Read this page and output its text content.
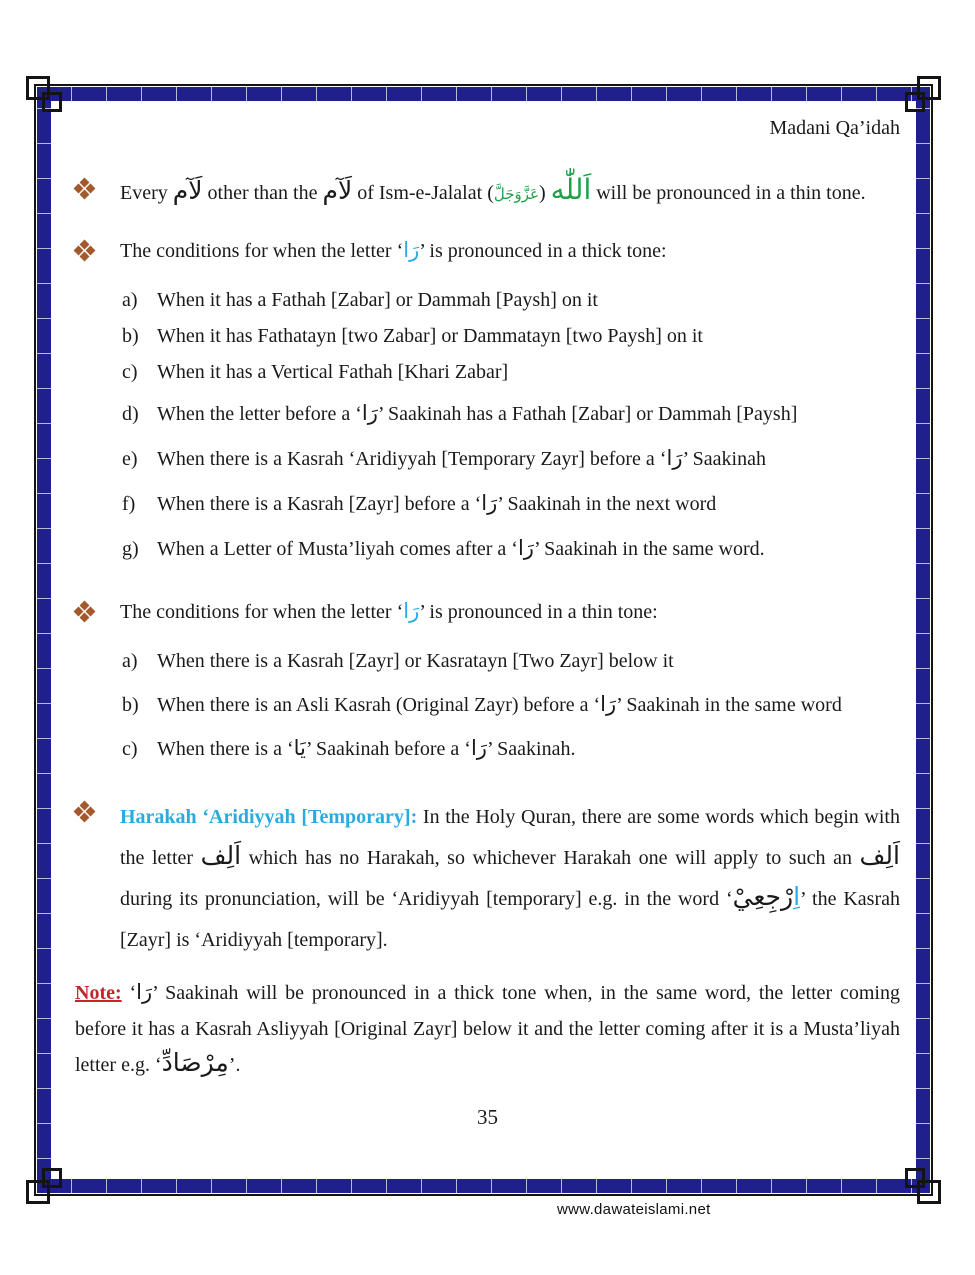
Madani Qa’idah
Every لَآم other than the لَآم of Ism-e-Jalalat اَللّٰه (عَزَّوَجَلَّ) will be pronounced in a thin tone.
The conditions for when the letter ‘رَا’ is pronounced in a thick tone:
a) When it has a Fathah [Zabar] or Dammah [Paysh] on it
b) When it has Fathatayn [two Zabar] or Dammatayn [two Paysh] on it
c) When it has a Vertical Fathah [Khari Zabar]
d) When the letter before a ‘رَا’ Saakinah has a Fathah [Zabar] or Dammah [Paysh]
e) When there is a Kasrah ‘Aridiyyah [Temporary Zayr] before a ‘رَا’ Saakinah
f)	When there is a Kasrah [Zayr] before a ‘رَا’ Saakinah in the next word
g) When a Letter of Musta’liyah comes after a ‘رَا’ Saakinah in the same word.
The conditions for when the letter ‘رَا’ is pronounced in a thin tone:
a) When there is a Kasrah [Zayr] or Kasratayn [Two Zayr] below it
b) When there is an Asli Kasrah (Original Zayr) before a ‘رَا’ Saakinah in the same word
c) When there is a ‘يَا’ Saakinah before a ‘رَا’ Saakinah.
Harakah ‘Aridiyyah [Temporary]: In the Holy Quran, there are some words which begin with the letter اَلِف which has no Harakah, so whichever Harakah one will apply to such an اَلِف during its pronunciation, will be ‘Aridiyyah [temporary] e.g. in the word ‘ اِرْجِعِيْ ’ the Kasrah [Zayr] is ‘Aridiyyah [temporary].
Note: ‘رَا’ Saakinah will be pronounced in a thick tone when, in the same word, the letter coming before it has a Kasrah Asliyyah [Original Zayr] below it and the letter coming after it is a Musta’liyah letter e.g. ‘مِرْصَادِّ’.
35
www.dawateislami.net
